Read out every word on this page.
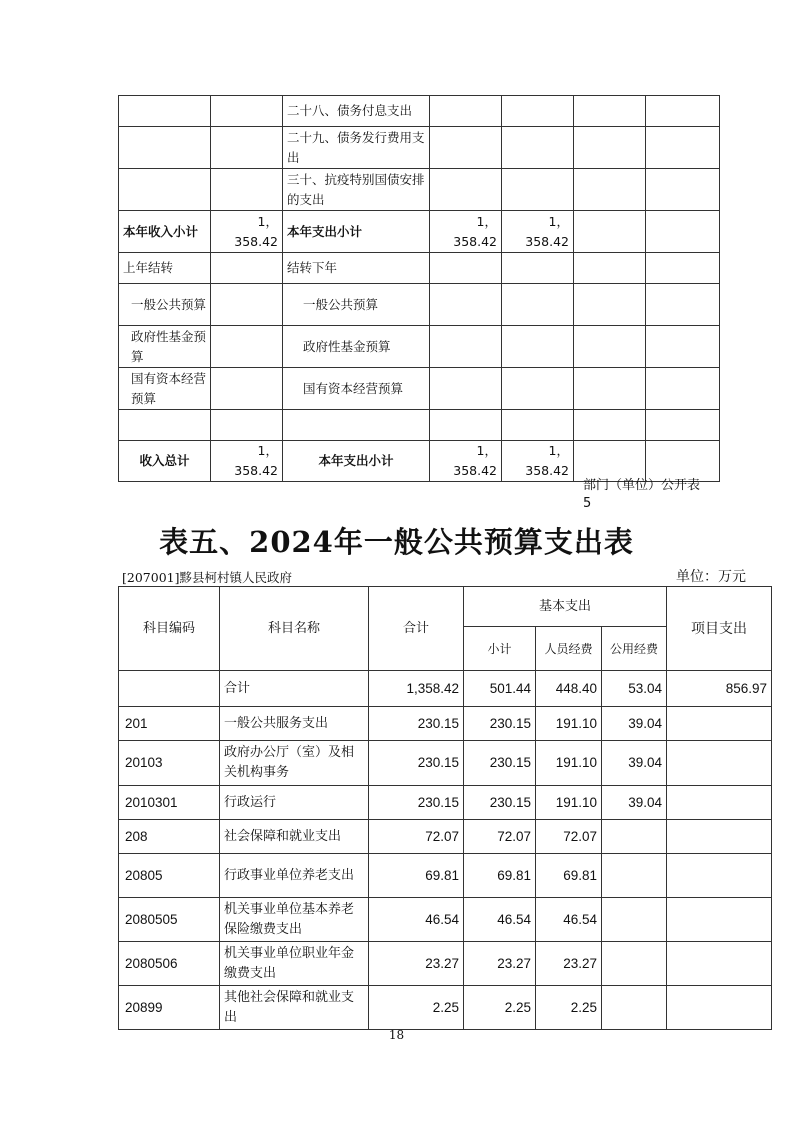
		二十八、债务付息支出				
		二十九、债务发行费用支出				
		三十、抗疫特别国债安排的支出				
本年收入小计	1，358.42	本年支出小计	1，358.42	1，358.42		
上年结转		结转下年				
一般公共预算		一般公共预算				
政府性基金预算		政府性基金预算				
国有资本经营预算		国有资本经营预算				

收入总计	1，358.42	本年支出小计	1，358.42	1，358.42		
部门（单位）公开表
5
表五、2024年一般公共预算支出表
[207001]黟县柯村镇人民政府	单位：万元
科目编码	科目名称	合计	基本支出			项目支出
			小计	人员经费	公用经费	
	合计	1,358.42	501.44	448.40	53.04	856.97
201	一般公共服务支出	230.15	230.15	191.10	39.04	
20103	政府办公厅（室）及相关机构事务	230.15	230.15	191.10	39.04	
2010301	行政运行	230.15	230.15	191.10	39.04	
208	社会保障和就业支出	72.07	72.07	72.07		
20805	行政事业单位养老支出	69.81	69.81	69.81		
2080505	机关事业单位基本养老保险缴费支出	46.54	46.54	46.54		
2080506	机关事业单位职业年金缴费支出	23.27	23.27	23.27		
20899	其他社会保障和就业支出	2.25	2.25	2.25		
18
